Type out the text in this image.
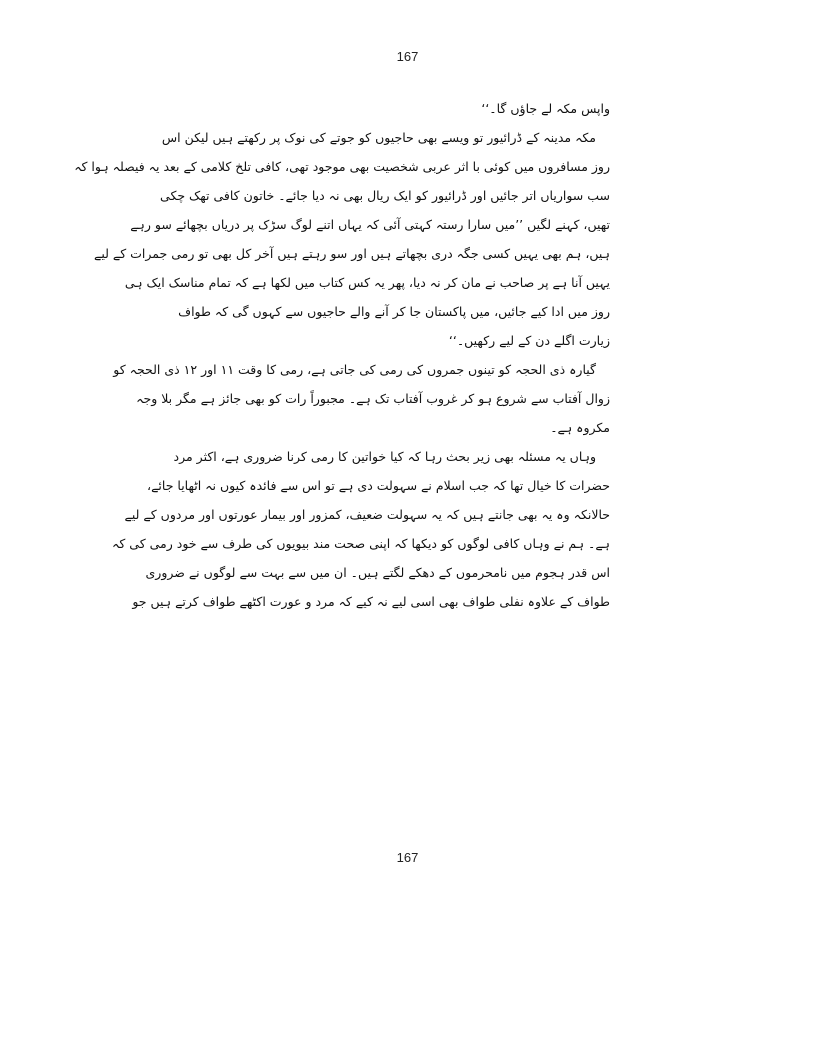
167
واپس مکہ لے جاؤں گا۔‘‘
مکہ مدینہ کے ڈرائیور تو ویسے بھی حاجیوں کو جوتے کی نوک پر رکھتے ہیں لیکن اس
روز مسافروں میں کوئی با اثر عربی شخصیت بھی موجود تھی، کافی تلخ کلامی کے بعد یہ فیصلہ ہوا کہ
سب سواریاں اتر جائیں اور ڈرائیور کو ایک ریال بھی نہ دیا جائے۔ خاتون کافی تھک چکی
تھیں، کہنے لگیں ’’میں سارا رستہ کہتی آئی کہ یہاں اتنے لوگ سڑک پر دریاں بچھائے سو رہے
ہیں، ہم بھی یہیں کسی جگہ دری بچھاتے ہیں اور سو رہتے ہیں آخر کل بھی تو رمی جمرات کے لیے
یہیں آنا ہے پر صاحب نے مان کر نہ دیا، پھر یہ کس کتاب میں لکھا ہے کہ تمام مناسک ایک ہی
روز میں ادا کیے جائیں، میں پاکستان جا کر آنے والے حاجیوں سے کہوں گی کہ طواف
زیارت اگلے دن کے لیے رکھیں۔‘‘
گیارہ ذی الحجہ کو تینوں جمروں کی رمی کی جاتی ہے، رمی کا وقت ۱۱ اور ۱۲ ذی الحجہ کو
زوال آفتاب سے شروع ہو کر غروب آفتاب تک ہے۔ مجبوراً رات کو بھی جائز ہے مگر بلا وجہ
مکروہ ہے۔
وہاں یہ مسئلہ بھی زیر بحث رہا کہ کیا خواتین کا رمی کرنا ضروری ہے، اکثر مرد
حضرات کا خیال تھا کہ جب اسلام نے سہولت دی ہے تو اس سے فائدہ کیوں نہ اٹھایا جائے،
حالانکہ وہ یہ بھی جانتے ہیں کہ یہ سہولت ضعیف، کمزور اور بیمار عورتوں اور مردوں کے لیے
ہے۔ ہم نے وہاں کافی لوگوں کو دیکھا کہ اپنی صحت مند بیویوں کی طرف سے خود رمی کی کہ
اس قدر ہجوم میں نامحرموں کے دھکے لگتے ہیں۔ ان میں سے بہت سے لوگوں نے ضروری
طواف کے علاوہ نفلی طواف بھی اسی لیے نہ کیے کہ مرد و عورت اکٹھے طواف کرتے ہیں جو
167
